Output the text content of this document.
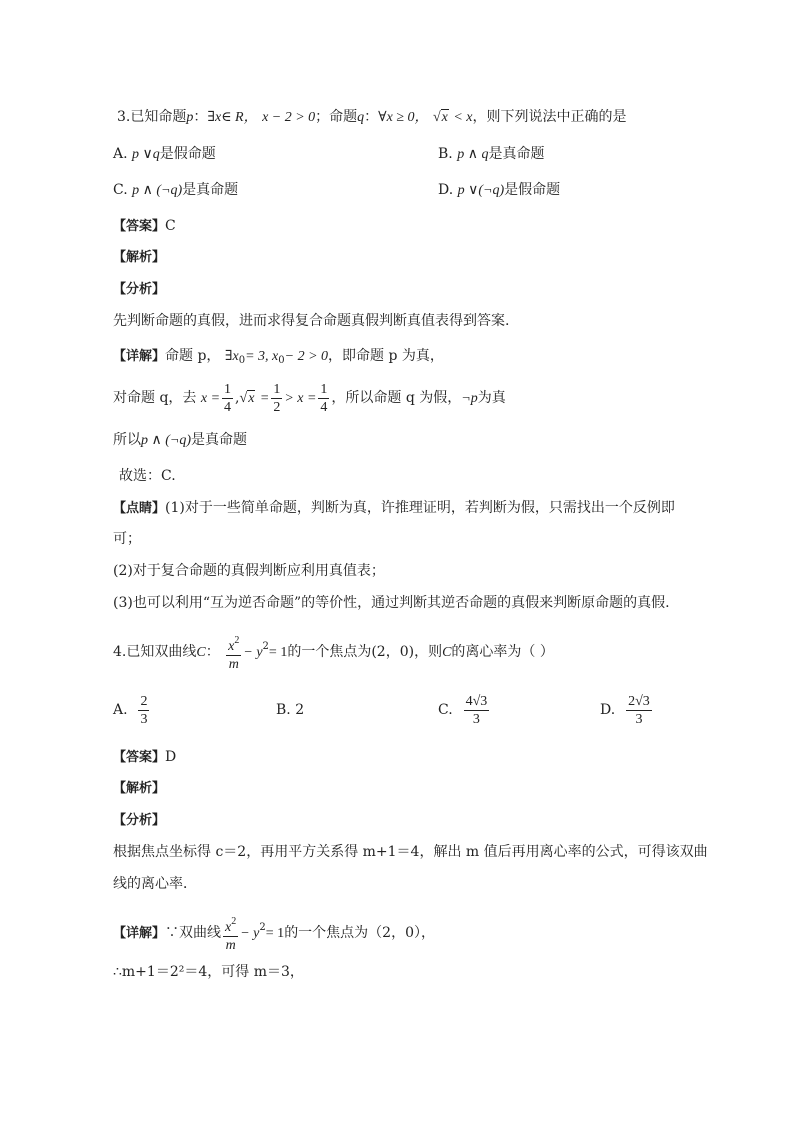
3.已知命题p：∃x∈ R， x − 2 > 0；命题q：∀x ≥ 0， √x < x，则下列说法中正确的是
A. p ∨q是假命题	B. p ∧ q是真命题
C. p ∧ (¬q)是真命题	D. p ∨(¬q)是假命题
【答案】C
【解析】
【分析】
先判断命题的真假，进而求得复合命题真假判断真值表得到答案.
【详解】命题 p， $\exists x_0= 3$, $x_0- 2 > 0$，即命题 p 为真，
对命题 q，去 $x = \frac{1}{4} ,√x = \frac{1}{2} > x = \frac{1}{4}$ ，所以命题 q 为假，¬p为真
所以p ∧ (¬q)是真命题
故选：C.
【点睛】(1)对于一些简单命题，判断为真，许推理证明，若判断为假，只需找出一个反例即
可；
(2)对于复合命题的真假判断应利用真值表；
(3)也可以利用“互为逆否命题”的等价性，通过判断其逆否命题的真假来判断原命题的真假.
4.已知双曲线C： $\frac{x^2}{m} - y^2= 1$的一个焦点为(2，0)，则C的离心率为（ ）
A. $\frac{2}{3}$	B. 2	C. $\frac{4√3}{3}$	D. $\frac{2√3}{3}$
【答案】D
【解析】
【分析】
根据焦点坐标得 c＝2，再用平方关系得 m+1＝4，解出 m 值后再用离心率的公式，可得该双曲
线的离心率．
【详解】∵双曲线 $\frac{x^2}{m} - y^2= 1$的一个焦点为（2，0），
∴m+1＝2²＝4，可得 m＝3，
